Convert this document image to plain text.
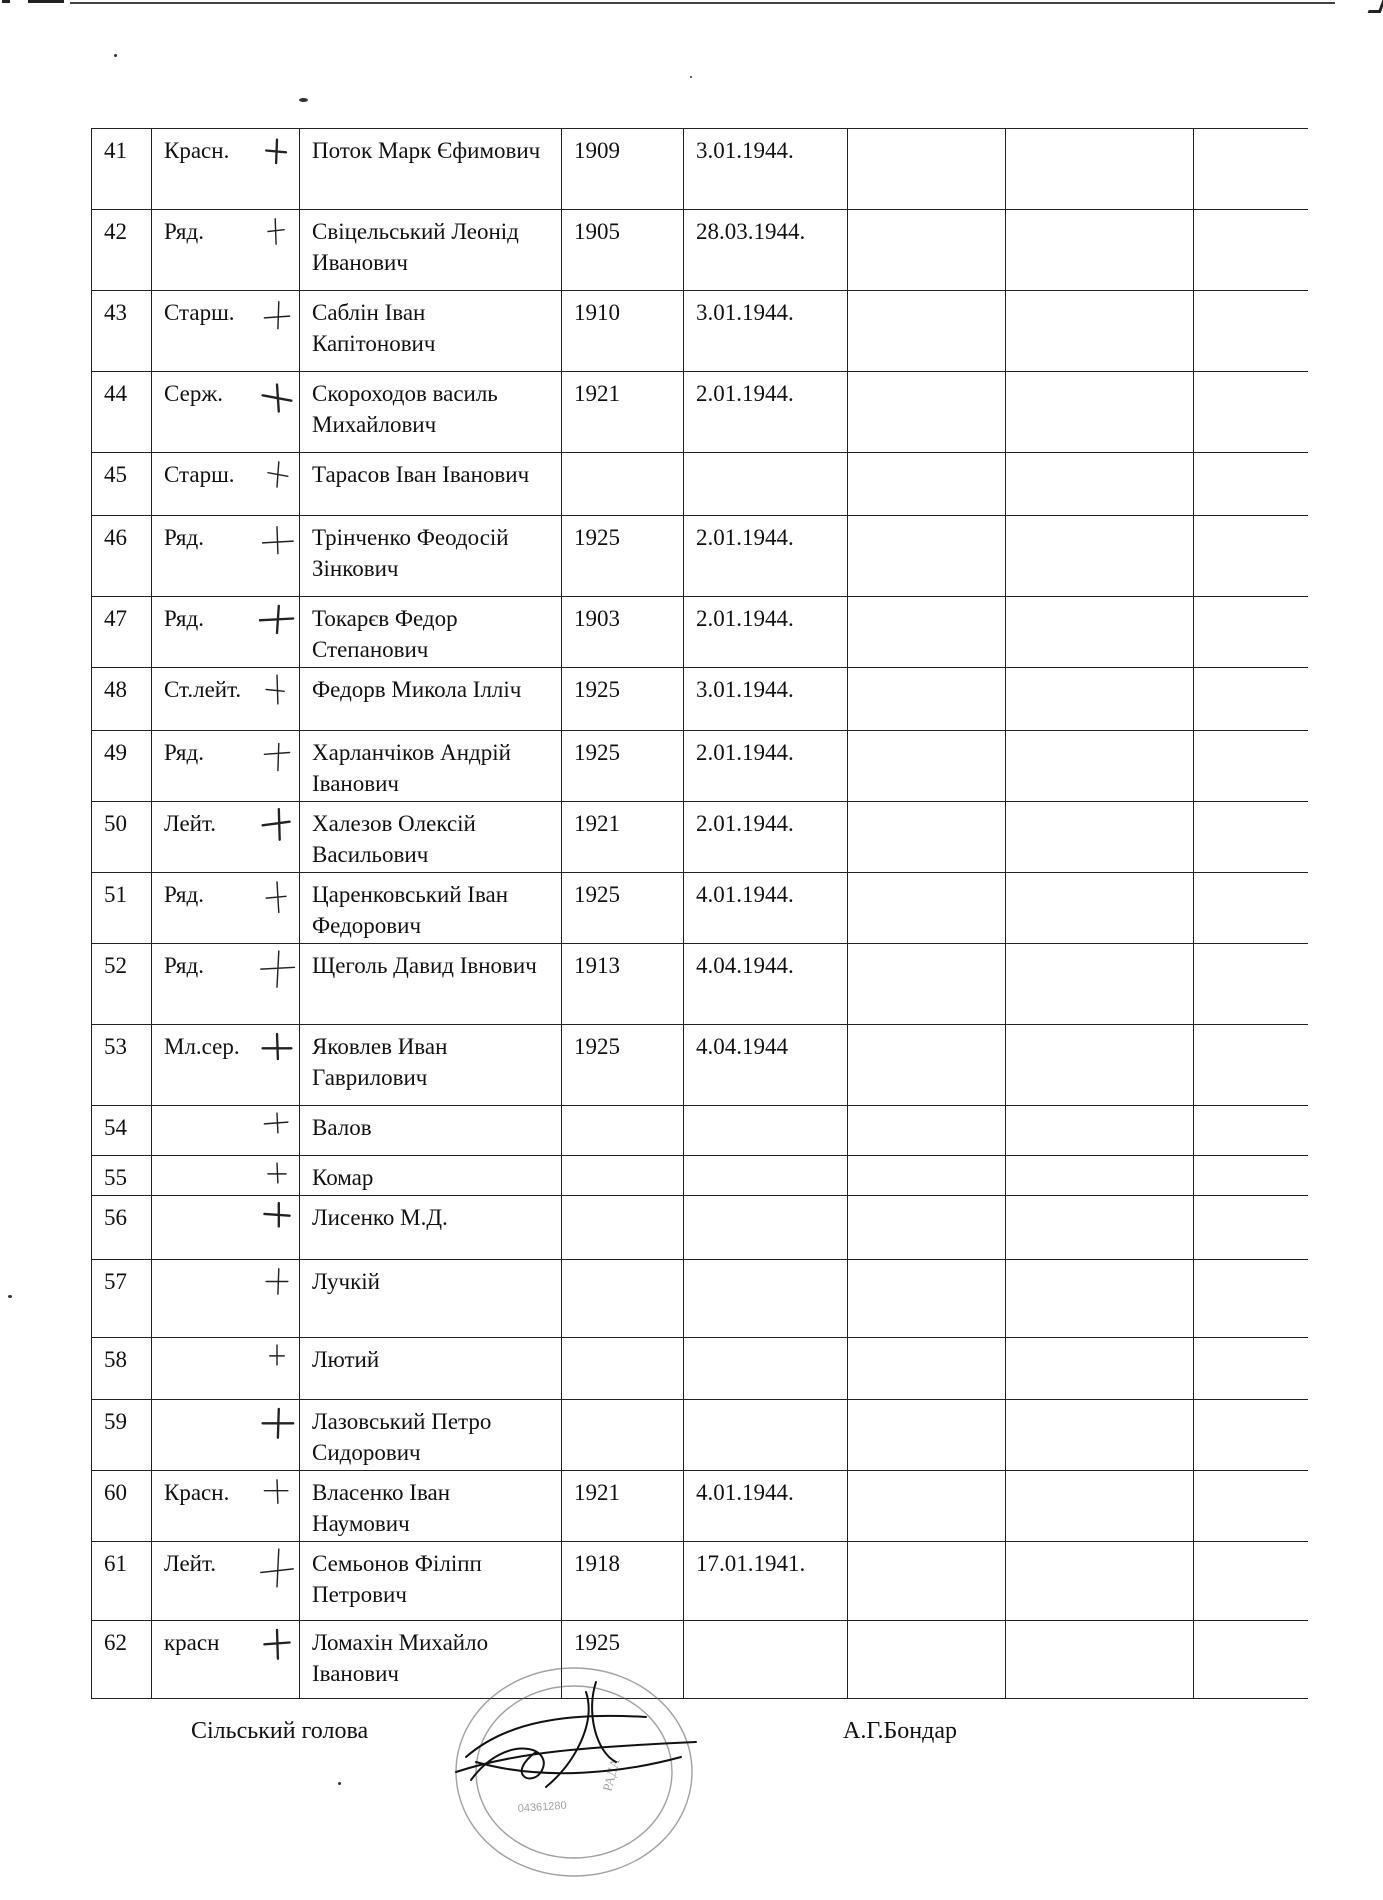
41	Красн.	Поток Марк Єфимович	1909	3.01.1944.			
42	Ряд.	Свіцельський Леонід Иванович	1905	28.03.1944.			
43	Старш.	Саблін Іван Капітонович	1910	3.01.1944.			
44	Серж.	Скороходов василь Михайлович	1921	2.01.1944.			
45	Старш.	Тарасов Іван Іванович					
46	Ряд.	Трінченко Феодосій Зінкович	1925	2.01.1944.			
47	Ряд.	Токарєв Федор Степанович	1903	2.01.1944.			
48	Ст.лейт.	Федорв Микола Ілліч	1925	3.01.1944.			
49	Ряд.	Харланчіков Андрій Іванович	1925	2.01.1944.			
50	Лейт.	Халезов Олексій Васильович	1921	2.01.1944.			
51	Ряд.	Царенковський Іван Федорович	1925	4.01.1944.			
52	Ряд.	Щеголь Давид Івнович	1913	4.04.1944.			
53	Мл.сер.	Яковлев Иван Гаврилович	1925	4.04.1944			
54		Валов					
55		Комар					
56		Лисенко М.Д.					
57		Лучкій					
58		Лютий					
59		Лазовський Петро Сидорович					
60	Красн.	Власенко Іван Наумович	1921	4.01.1944.			
61	Лейт.	Семьонов Філіпп Петрович	1918	17.01.1941.			
62	красн	Ломахін Михайло Іванович	1925				
Сільський голова
РАДА
04361280
А.Г.Бондар
